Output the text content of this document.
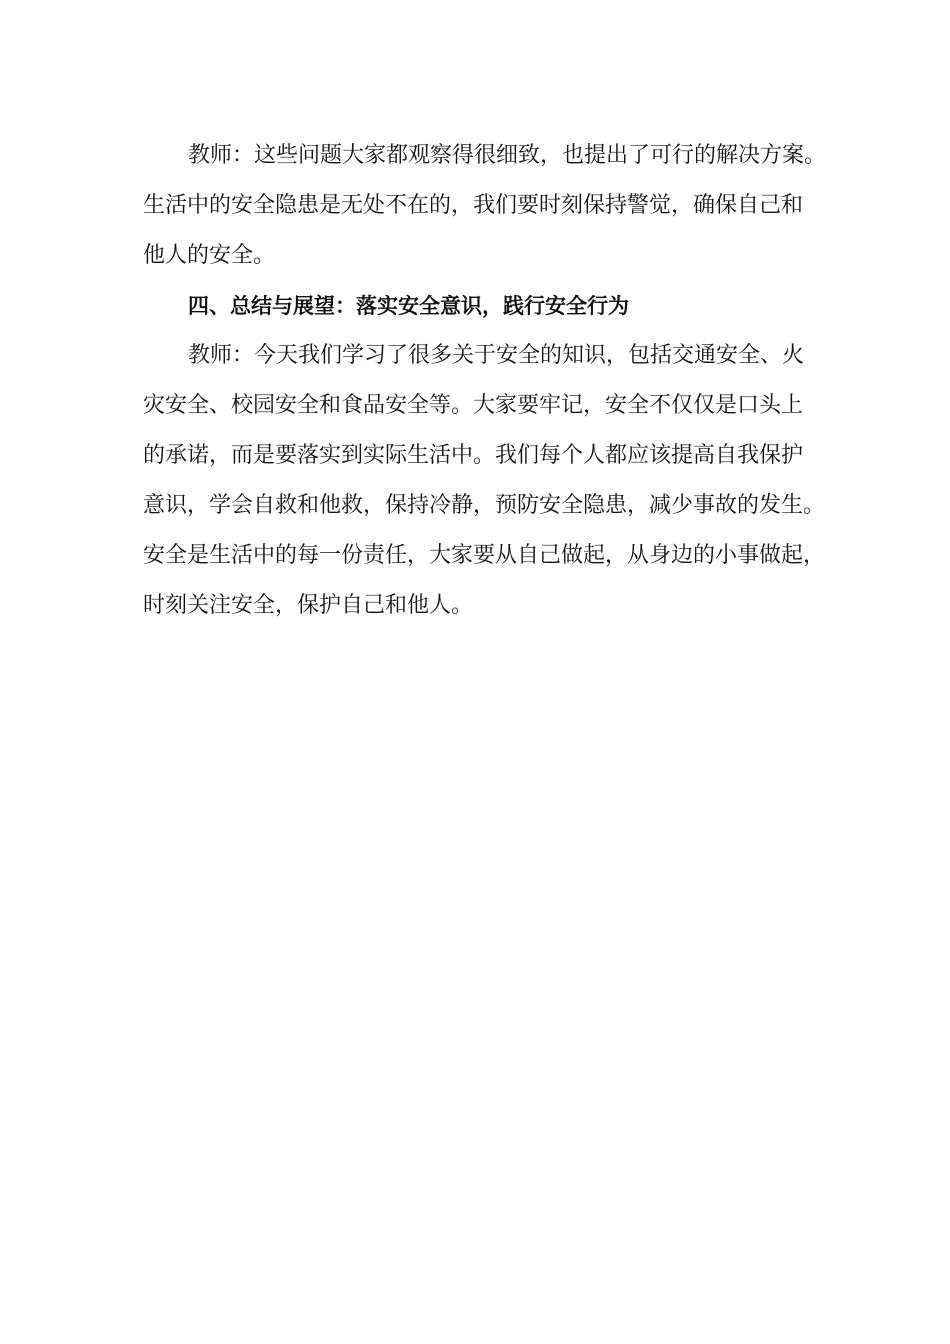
教师：这些问题大家都观察得很细致，也提出了可行的解决方案。
生活中的安全隐患是无处不在的，我们要时刻保持警觉，确保自己和
他人的安全。
四、总结与展望：落实安全意识，践行安全行为
教师：今天我们学习了很多关于安全的知识，包括交通安全、火
灾安全、校园安全和食品安全等。大家要牢记，安全不仅仅是口头上
的承诺，而是要落实到实际生活中。我们每个人都应该提高自我保护
意识，学会自救和他救，保持冷静，预防安全隐患，减少事故的发生。
安全是生活中的每一份责任，大家要从自己做起，从身边的小事做起，
时刻关注安全，保护自己和他人。
